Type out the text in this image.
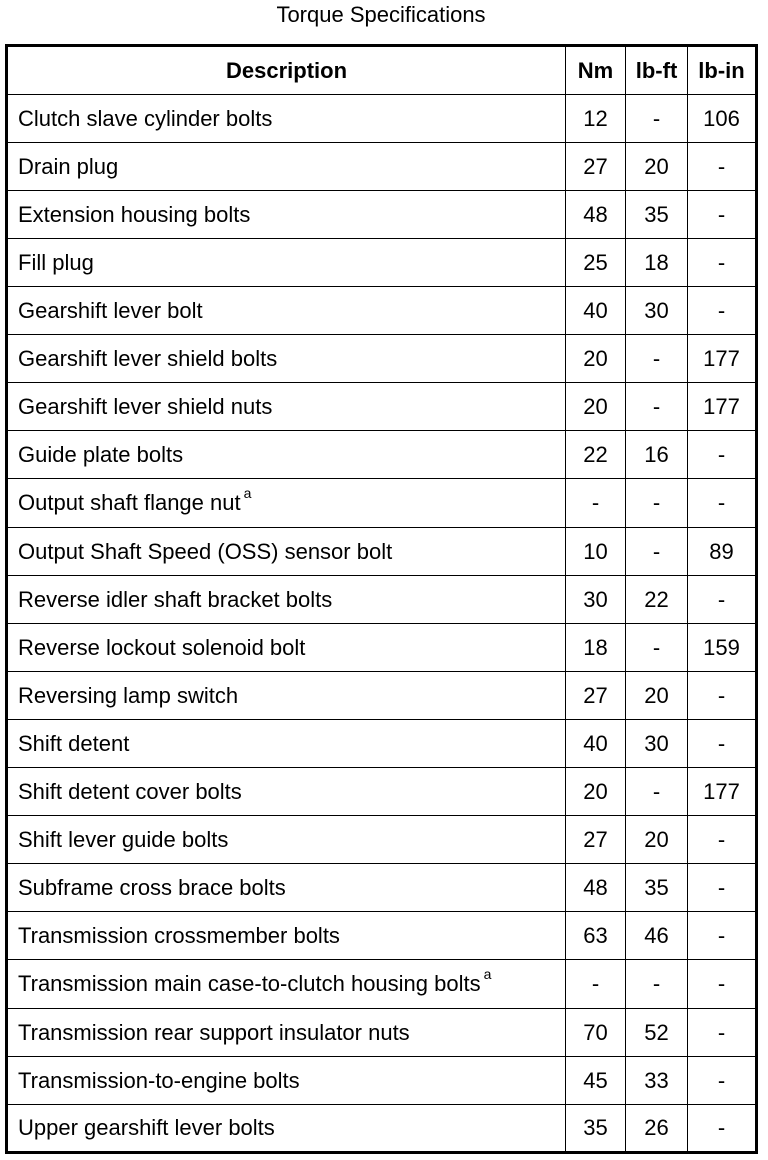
Torque Specifications
Description	Nm	lb-ft	lb-in
Clutch slave cylinder bolts	12	-	106
Drain plug	27	20	-
Extension housing bolts	48	35	-
Fill plug	25	18	-
Gearshift lever bolt	40	30	-
Gearshift lever shield bolts	20	-	177
Gearshift lever shield nuts	20	-	177
Guide plate bolts	22	16	-
Output shaft flange nut $^a$	-	-	-
Output Shaft Speed (OSS) sensor bolt	10	-	89
Reverse idler shaft bracket bolts	30	22	-
Reverse lockout solenoid bolt	18	-	159
Reversing lamp switch	27	20	-
Shift detent	40	30	-
Shift detent cover bolts	20	-	177
Shift lever guide bolts	27	20	-
Subframe cross brace bolts	48	35	-
Transmission crossmember bolts	63	46	-
Transmission main case-to-clutch housing bolts $^a$	-	-	-
Transmission rear support insulator nuts	70	52	-
Transmission-to-engine bolts	45	33	-
Upper gearshift lever bolts	35	26	-
